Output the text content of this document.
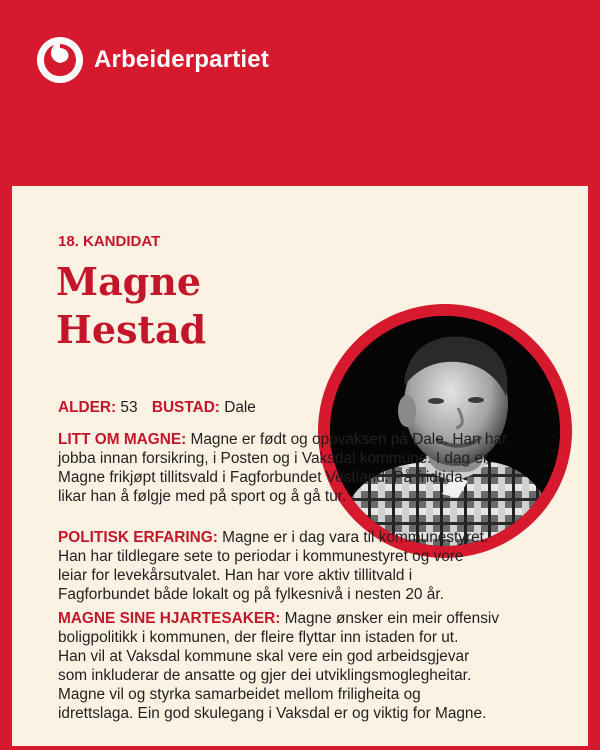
Arbeiderpartiet
18. KANDIDAT
Magne
Hestad
ALDER: 53 BUSTAD: Dale
LITT OM MAGNE: Magne er født og oppvaksen på Dale. Han har
jobba innan forsikring, i Posten og i Vaksdal kommune. I dag er
Magne frikjøpt tillitsvald i Fagforbundet Vestland. På fridtida
likar han å følgje med på sport og å gå tur.
POLITISK ERFARING: Magne er i dag vara til kommunestyret.
Han har tildlegare sete to periodar i kommunestyret og vore
leiar for levekårsutvalet. Han har vore aktiv tillitvald i
Fagforbundet både lokalt og på fylkesnivå i nesten 20 år.
MAGNE SINE HJARTESAKER: Magne ønsker ein meir offensiv
boligpolitikk i kommunen, der fleire flyttar inn istaden for ut.
Han vil at Vaksdal kommune skal vere ein god arbeidsgjevar
som inkluderar de ansatte og gjer dei utviklingsmoglegheitar.
Magne vil og styrka samarbeidet mellom friligheita og
idrettslaga. Ein god skulegang i Vaksdal er og viktig for Magne.
